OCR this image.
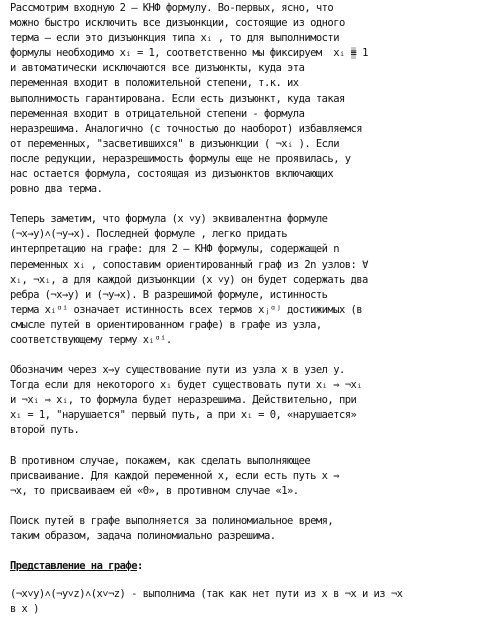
Рассмотрим входную 2 – КНФ формулу. Во-первых, ясно, что
можно быстро исключить все дизъюнкции, состоящие из одного
терма — если это дизъюнкция типа xᵢ , то для выполнимости
формулы необходимо xᵢ = 1, соответственно мы фиксируем  xᵢ ≡ 1
и автоматически исключаются все дизъюнкты, куда эта
переменная входит в положительной степени, т.к. их
выполнимость гарантирована. Если есть дизъюнкт, куда такая
переменная входит в отрицательной степени - формула
неразрешима. Аналогично (с точностью до наоборот) избавляемся
от переменных, "засветившихся" в дизъюнкции ( ¬xᵢ ). Если
после редукции, неразрешимость формулы еще не проявилась, у
нас остается формула, состоящая из дизъюнктов включающих
ровно два терма.
Теперь заметим, что формула (x ˅y) эквивалентна формуле
(¬x→y)˄(¬y→x). Последней формуле , легко придать
интерпретацию на графе: для 2 – КНФ формулы, содержащей n
переменных xᵢ , сопоставим ориентированный граф из 2n узлов: ∀
xᵢ, ¬xᵢ, а для каждой дизъюнкции (x ˅y) он будет содержать два
ребра (¬x→y) и (¬y→x). В разрешимой формуле, истинность
терма xᵢᵅⁱ означает истинность всех термов xⱼᵅʲ достижимых (в
смысле путей в ориентированном графе) в графе из узла,
соответствующему терму xᵢᵅⁱ.
Обозначим через x⇒y существование пути из узла x в узел y.
Тогда если для некоторого xᵢ будет существовать пути xᵢ ⇒ ¬xᵢ
и ¬xᵢ ⇒ xᵢ, то формула будет неразрешима. Действительно, при
xᵢ = 1, "нарушается" первый путь, а при xᵢ = 0, «нарушается»
второй путь.
В противном случае, покажем, как сделать выполняющее
присваивание. Для каждой переменной x, если есть путь x ⇒
¬x, то присваиваем ей «0», в противном случае «1».
Поиск путей в графе выполняется за полиномиальное время,
таким образом, задача полиномиально разрешима.
Представление на графе:
(¬x˅y)˄(¬y˅z)˄(x˅¬z) - выполнима (так как нет пути из x в ¬x и из ¬x
в x )
